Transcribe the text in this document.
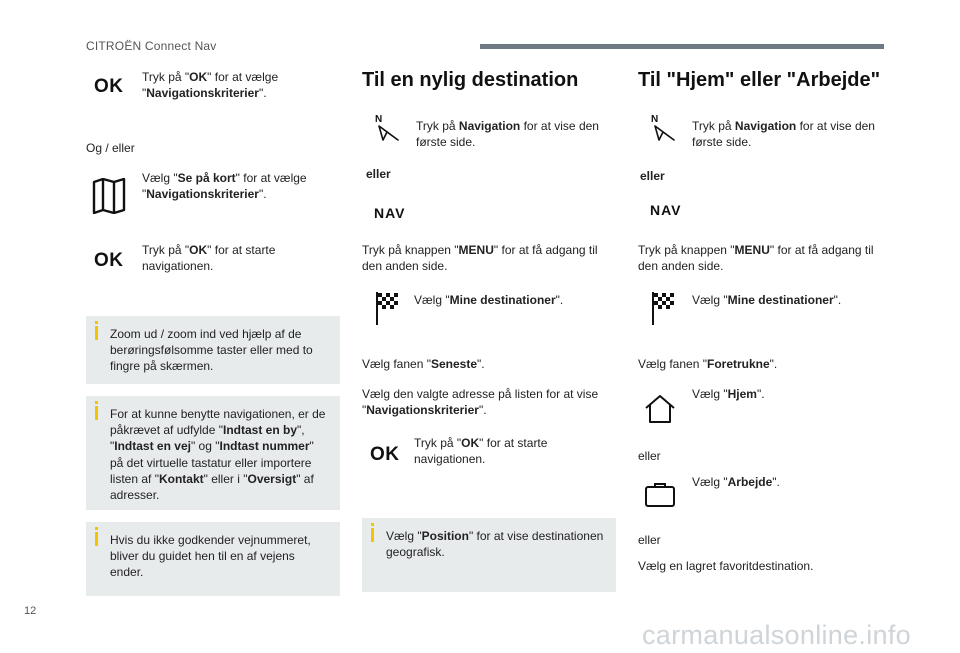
CITROËN Connect Nav
OK Tryk på "OK" for at vælge "Navigationskriterier".
Og / eller
Vælg "Se på kort" for at vælge "Navigationskriterier".
OK Tryk på "OK" for at starte navigationen.
Zoom ud / zoom ind ved hjælp af de berøringsfølsomme taster eller med to fingre på skærmen.
For at kunne benytte navigationen, er de påkrævet af udfylde "Indtast en by", "Indtast en vej" og "Indtast nummer" på det virtuelle tastatur eller importere listen af "Kontakt" eller i "Oversigt" af adresser.
Hvis du ikke godkender vejnummeret, bliver du guidet hen til en af vejens ender.
Til en nylig destination
N	Tryk på Navigation for at vise den første side.
eller
NAV
Tryk på knappen "MENU" for at få adgang til den anden side.
Vælg "Mine destinationer".
Vælg fanen "Seneste".
Vælg den valgte adresse på listen for at vise "Navigationskriterier".
OK
Tryk på "OK" for at starte navigationen.
Vælg "Position" for at vise destinationen geografisk.
Til "Hjem" eller "Arbejde"
N	Tryk på Navigation for at vise den første side.
eller
NAV
Tryk på knappen "MENU" for at få adgang til den anden side.
Vælg "Mine destinationer".
Vælg fanen "Foretrukne".
Vælg "Hjem".
eller
Vælg "Arbejde".
eller
Vælg en lagret favoritdestination.
12
carmanualsonline.info
